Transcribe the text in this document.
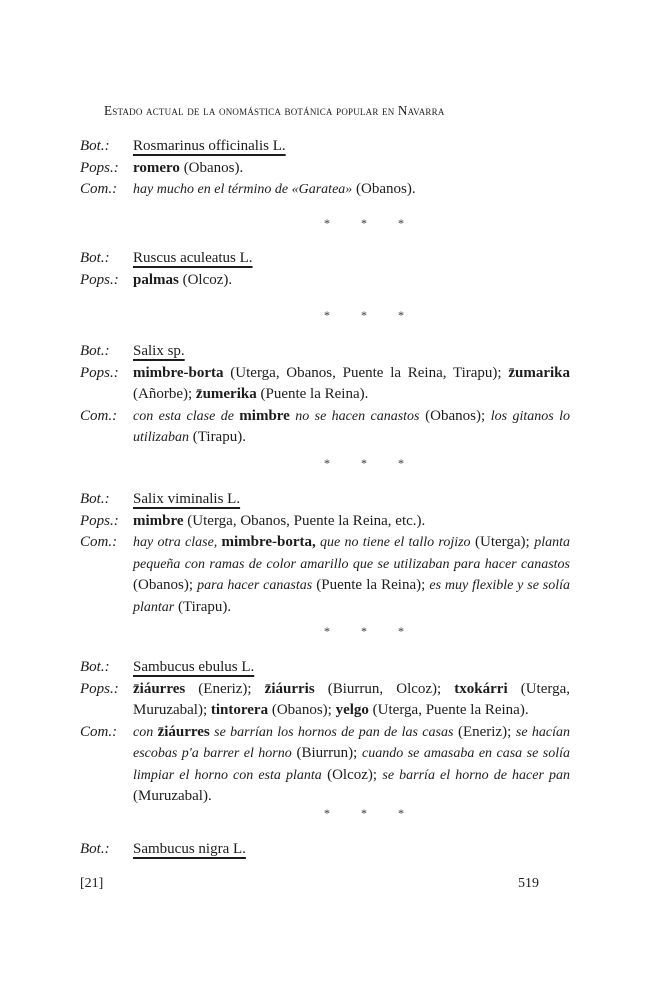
Estado actual de la onomástica botánica popular en Navarra
Bot.:	Rosmarinus officinalis L.
Pops.: romero (Obanos).
Com.:	hay mucho en el término de «Garatea» (Obanos).
* * *
Bot.:	Ruscus aculeatus L.
Pops.: palmas (Olcoz).
* * *
Bot.:	Salix sp.
Pops.: mimbre-borta (Uterga, Obanos, Puente la Reina, Tirapu); z̄umarika (Añorbe); z̄umerika (Puente la Reina).
Com.:	con esta clase de mimbre no se hacen canastos (Obanos); los gitanos lo utilizaban (Tirapu).
* * *
Bot.:	Salix viminalis L.
Pops.: mimbre (Uterga, Obanos, Puente la Reina, etc.).
Com.:	hay otra clase, mimbre-borta, que no tiene el tallo rojizo (Uterga); planta pequeña con ramas de color amarillo que se utilizaban para hacer canastos (Obanos); para hacer canastas (Puente la Reina); es muy flexible y se solía plantar (Tirapu).
* * *
Bot.:	Sambucus ebulus L.
Pops.: z̄iáurres (Eneriz); z̄iáurris (Biurrun, Olcoz); txokárri (Uterga, Muruzabal); tintorera (Obanos); yelgo (Uterga, Puente la Reina).
Com.:	con z̄iáurres se barrían los hornos de pan de las casas (Eneriz); se hacían escobas p'a barrer el horno (Biurrun); cuando se amasaba en casa se solía limpiar el horno con esta planta (Olcoz); se barría el horno de hacer pan (Muruzabal).
* * *
Bot.:	Sambucus nigra L.
[21]	519
